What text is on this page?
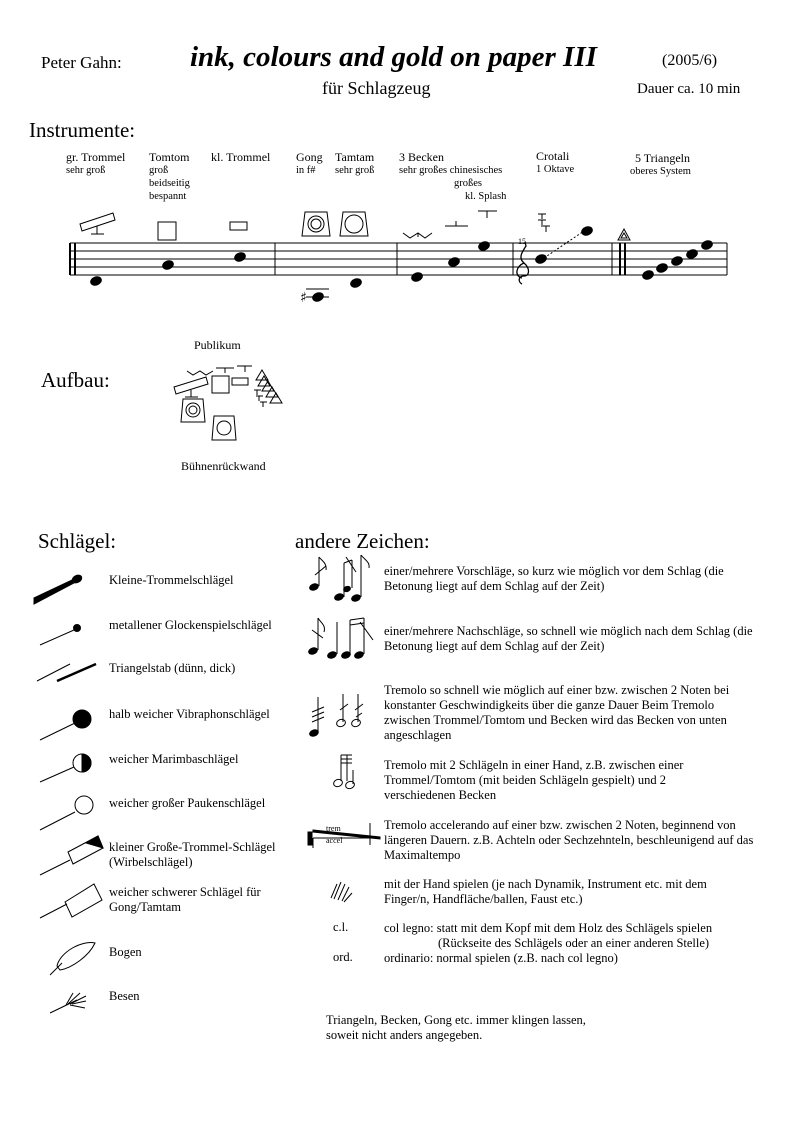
Peter Gahn: ink, colours and gold on paper III	(2005/6)
für Schlagzeug	Dauer ca. 10 min
Instrumente:
gr. Trommel
sehr groß
Tomtom
groß
beidseitig
bespannt
kl. Trommel Gong
in f#
Tamtam
sehr groß
3 Becken
sehr großes chinesisches
großes
kl. Splash
Crotali
1 Oktave
5 Triangeln
oberes System
♯
15
Aufbau:
Publikum
Bühnenrückwand
Schlägel:
Kleine-Trommelschlägel
metallener Glockenspielschlägel
Triangelstab (dünn, dick)
halb weicher Vibraphonschlägel
weicher Marimbaschlägel
weicher großer Paukenschlägel
kleiner Große-Trommel-Schlägel (Wirbelschlägel)
weicher schwerer Schlägel für Gong/Tamtam
Bogen
Besen
andere Zeichen:
einer/mehrere Vorschläge, so kurz wie möglich vor dem Schlag (die Betonung liegt auf dem Schlag auf der Zeit)
einer/mehrere Nachschläge, so schnell wie möglich nach dem Schlag (die Betonung liegt auf dem Schlag auf der Zeit)
Tremolo so schnell wie möglich auf einer bzw. zwischen 2 Noten bei konstanter Geschwindigkeits über die ganze Dauer Beim Tremolo zwischen Trommel/Tomtom und Becken wird das Becken von unten angeschlagen
Tremolo mit 2 Schlägeln in einer Hand, z.B. zwischen einer Trommel/Tomtom (mit beiden Schlägeln gespielt) und 2 verschiedenen Becken
Tremolo accelerando auf einer bzw. zwischen 2 Noten, beginnend von längeren Dauern. z.B. Achteln oder Sechzehnteln, beschleunigend auf das Maximaltempo
trem
accel
mit der Hand spielen (je nach Dynamik, Instrument etc. mit dem Finger/n, Handfläche/ballen, Faust etc.)
c.l.	col legno: statt mit dem Kopf mit dem Holz des Schlägels spielen
(Rückseite des Schlägels oder an einer anderen Stelle)
ord. ordinario: normal spielen (z.B. nach col legno)
Triangeln, Becken, Gong etc. immer klingen lassen, soweit nicht anders angegeben.
